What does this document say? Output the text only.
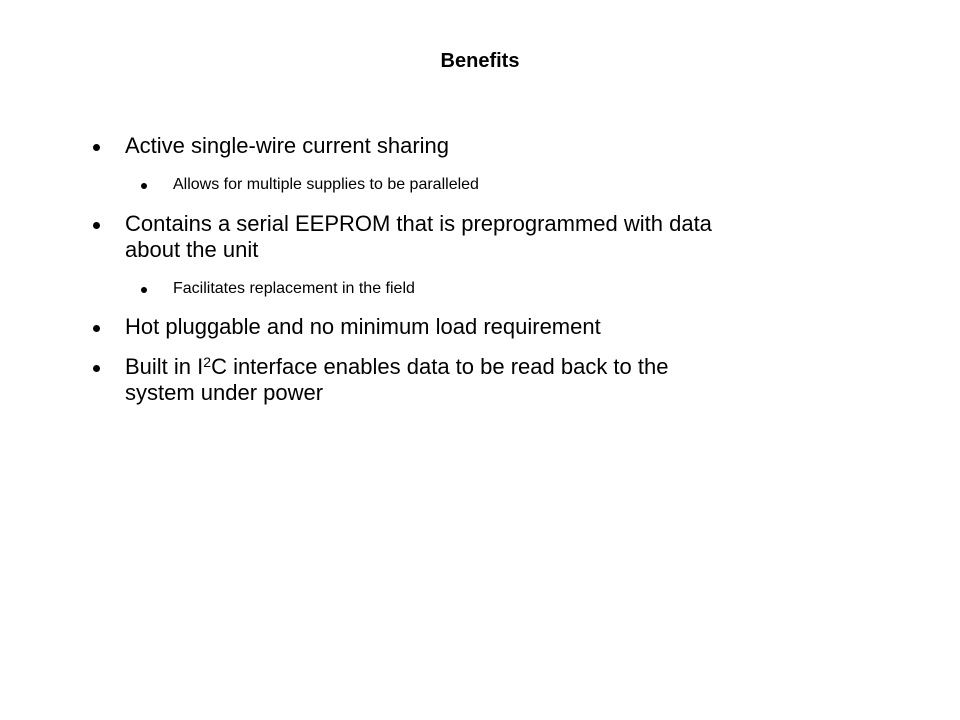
Benefits
Active single-wire current sharing
Allows for multiple supplies to be paralleled
Contains a serial EEPROM that is preprogrammed with data
about the unit
Facilitates replacement in the field
Hot pluggable and no minimum load requirement
Built in $I^2C$ interface enables data to be read back to the
system under power
